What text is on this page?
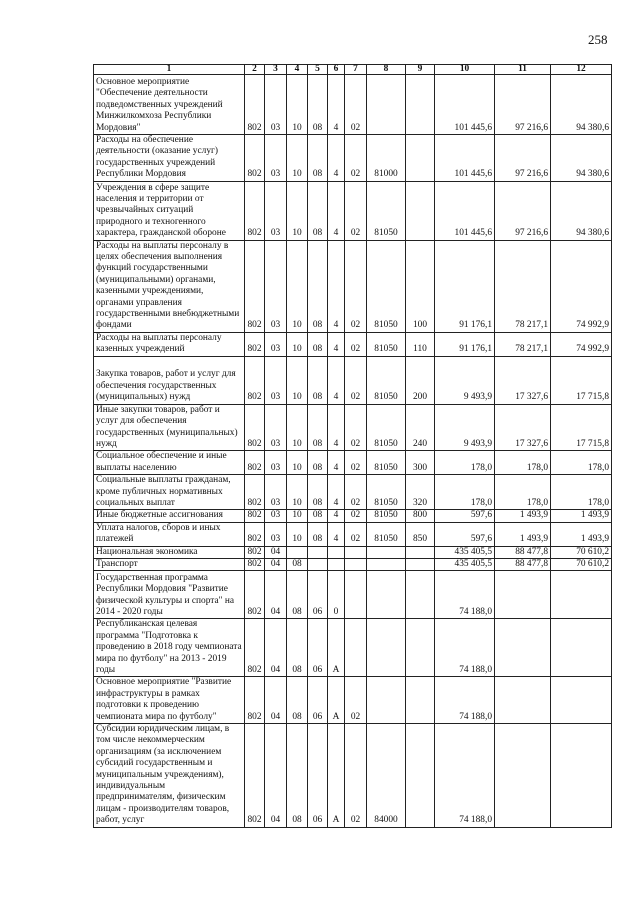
258
1	2	3	4	5	6	7	8	9	10	11	12
Основное мероприятие "Обеспечение деятельности подведомственных учреждений Минжилкомхоза Республики Мордовия"	802	03	10	08	4	02			101 445,6	97 216,6	94 380,6
Расходы на обеспечение деятельности (оказание услуг) государственных учреждений Республики Мордовия	802	03	10	08	4	02	81000		101 445,6	97 216,6	94 380,6
Учреждения в сфере защите населения и территории от чрезвычайных ситуаций природного и техногенного характера, гражданской обороне	802	03	10	08	4	02	81050		101 445,6	97 216,6	94 380,6
Расходы на выплаты персоналу в целях обеспечения выполнения функций государственными (муниципальными) органами, казенными учреждениями, органами управления государственными внебюджетными фондами	802	03	10	08	4	02	81050	100	91 176,1	78 217,1	74 992,9
Расходы на выплаты персоналу казенных учреждений	802	03	10	08	4	02	81050	110	91 176,1	78 217,1	74 992,9
Закупка товаров, работ и услуг для обеспечения государственных (муниципальных) нужд	802	03	10	08	4	02	81050	200	9 493,9	17 327,6	17 715,8
Иные закупки товаров, работ и услуг для обеспечения государственных (муниципальных) нужд	802	03	10	08	4	02	81050	240	9 493,9	17 327,6	17 715,8
Социальное обеспечение и иные выплаты населению	802	03	10	08	4	02	81050	300	178,0	178,0	178,0
Социальные выплаты гражданам, кроме публичных нормативных социальных выплат	802	03	10	08	4	02	81050	320	178,0	178,0	178,0
Иные бюджетные ассигнования	802	03	10	08	4	02	81050	800	597,6	1 493,9	1 493,9
Уплата налогов, сборов и иных платежей	802	03	10	08	4	02	81050	850	597,6	1 493,9	1 493,9
Национальная экономика	802	04							435 405,5	88 477,8	70 610,2
Транспорт	802	04	08						435 405,5	88 477,8	70 610,2
Государственная программа Республики Мордовия "Развитие физической культуры и спорта" на 2014 - 2020 годы	802	04	08	06	0				74 188,0		
Республиканская целевая программа "Подготовка к проведению в 2018 году чемпионата мира по футболу" на 2013 - 2019 годы	802	04	08	06	А				74 188,0		
Основное мероприятие "Развитие инфраструктуры в рамках подготовки к проведению чемпионата мира по футболу"	802	04	08	06	А	02			74 188,0		
Субсидии юридическим лицам, в том числе некоммерческим организациям (за исключением субсидий государственным и муниципальным учреждениям), индивидуальным предпринимателям, физическим лицам - производителям товаров, работ, услуг	802	04	08	06	А	02	84000		74 188,0		
